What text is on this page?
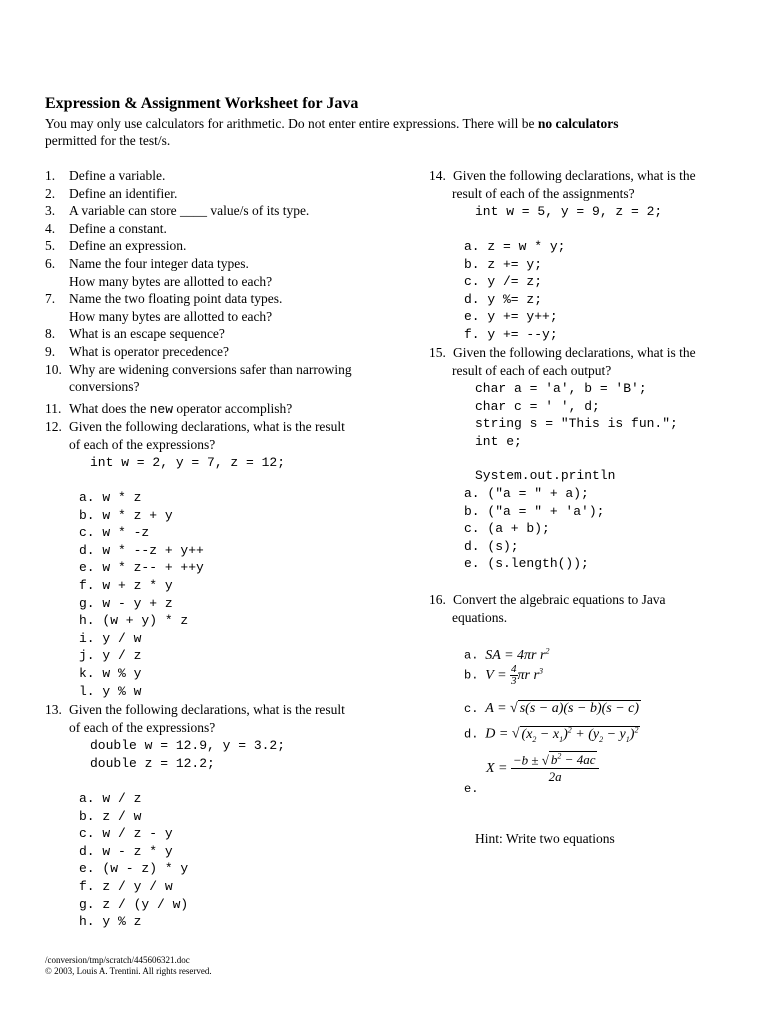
Expression & Assignment Worksheet for Java
You may only use calculators for arithmetic. Do not enter entire expressions. There will be no calculators
permitted for the test/s.
1. Define a variable.
2. Define an identifier.
3. A variable can store ____ value/s of its type.
4. Define a constant.
5. Define an expression.
6. Name the four integer data types.
How many bytes are allotted to each?
7. Name the two floating point data types.
How many bytes are allotted to each?
8. What is an escape sequence?
9. What is operator precedence?
10. Why are widening conversions safer than narrowing
conversions?
11. What does the new operator accomplish?
12. Given the following declarations, what is the result
of each of the expressions?
int w = 2, y = 7, z = 12;
a. w * z
b. w * z + y
c. w * -z
d. w * --z + y++
e. w * z-- + ++y
f. w + z * y
g. w - y + z
h. (w + y) * z
i. y / w
j. y / z
k. w % y
l. y % w
13. Given the following declarations, what is the result
of each of the expressions?
double w = 12.9, y = 3.2;
double z = 12.2;
a. w / z
b. z / w
c. w / z - y
d. w - z * y
e. (w - z) * y
f. z / y / w
g. z / (y / w)
h. y % z
14. Given the following declarations, what is the
result of each of the assignments?
int w = 5, y = 9, z = 2;
a. z = w * y;
b. z += y;
c. y /= z;
d. y %= z;
e. y += y++;
f. y += --y;
15. Given the following declarations, what is the
result of each of each output?
char a = 'a', b = 'B';
char c = ' ', d;
string s = "This is fun.";
int e;
System.out.println
a. ("a = " + a);
b. ("a = " + 'a');
c. (a + b);
d. (s);
e. (s.length());
16. Convert the algebraic equations to Java
equations.
a.  SA = 4πr $r^2$
b.  $V = \frac{4}{3}$ πr $r^3$
c.  A = √ s(s − a)(s − b)(s − c)
d.  D = √ $(x_2 - x_1)^2 + (y_2 - y_1)^2$
e.
$X = \frac{-b \pm √ b^2 - 4ac}{2a}$
Hint: Write two equations
/conversion/tmp/scratch/445606321.doc
© 2003, Louis A. Trentini. All rights reserved.
